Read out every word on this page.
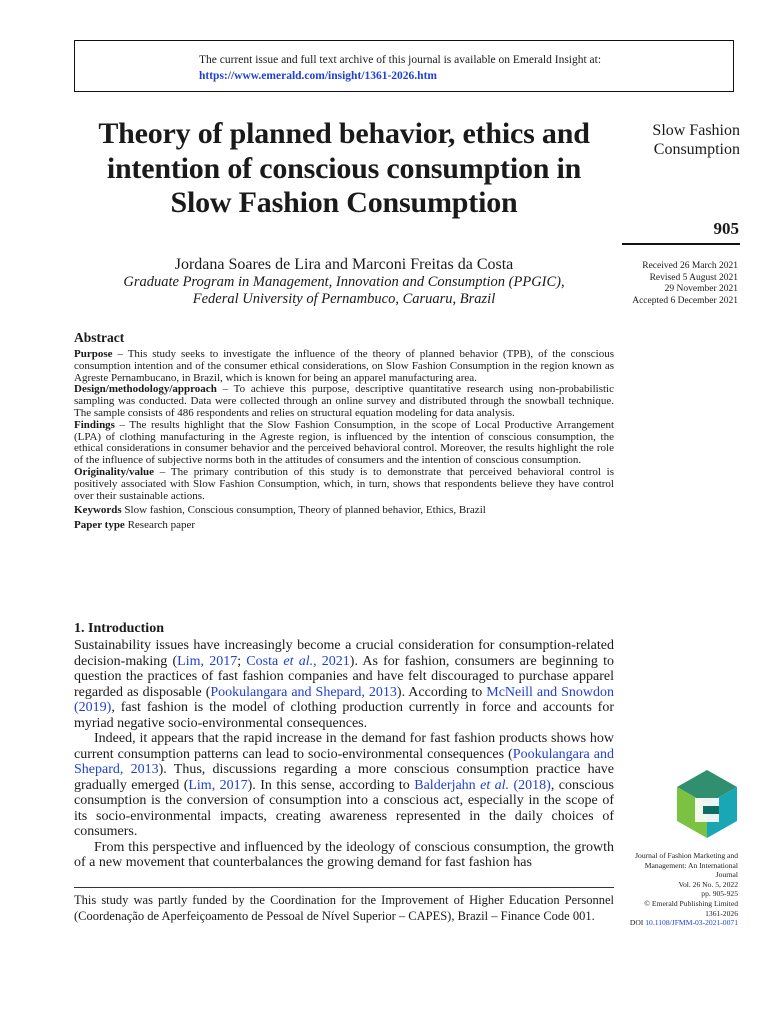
The current issue and full text archive of this journal is available on Emerald Insight at:
https://www.emerald.com/insight/1361-2026.htm
Theory of planned behavior, ethics and intention of conscious consumption in Slow Fashion Consumption
Jordana Soares de Lira and Marconi Freitas da Costa
Graduate Program in Management, Innovation and Consumption (PPGIC),
Federal University of Pernambuco, Caruaru, Brazil
Slow Fashion
Consumption
905
Received 26 March 2021
Revised 5 August 2021
29 November 2021
Accepted 6 December 2021
Abstract

Purpose – This study seeks to investigate the influence of the theory of planned behavior (TPB), of the conscious consumption intention and of the consumer ethical considerations, on Slow Fashion Consumption in the region known as Agreste Pernambucano, in Brazil, which is known for being an apparel manufacturing area.

Design/methodology/approach – To achieve this purpose, descriptive quantitative research using non-probabilistic sampling was conducted. Data were collected through an online survey and distributed through the snowball technique. The sample consists of 486 respondents and relies on structural equation modeling for data analysis.

Findings – The results highlight that the Slow Fashion Consumption, in the scope of Local Productive Arrangement (LPA) of clothing manufacturing in the Agreste region, is influenced by the intention of conscious consumption, the ethical considerations in consumer behavior and the perceived behavioral control. Moreover, the results highlight the role of the influence of subjective norms both in the attitudes of consumers and the intention of conscious consumption.

Originality/value – The primary contribution of this study is to demonstrate that perceived behavioral control is positively associated with Slow Fashion Consumption, which, in turn, shows that respondents believe they have control over their sustainable actions.

Keywords Slow fashion, Conscious consumption, Theory of planned behavior, Ethics, Brazil

Paper type Research paper

1. Introduction

Sustainability issues have increasingly become a crucial consideration for consumption-related decision-making (Lim, 2017; Costa et al., 2021). As for fashion, consumers are beginning to question the practices of fast fashion companies and have felt discouraged to purchase apparel regarded as disposable (Pookulangara and Shepard, 2013). According to McNeill and Snowdon (2019), fast fashion is the model of clothing production currently in force and accounts for myriad negative socio-environmental consequences.

Indeed, it appears that the rapid increase in the demand for fast fashion products shows how current consumption patterns can lead to socio-environmental consequences (Pookulangara and Shepard, 2013). Thus, discussions regarding a more conscious consumption practice have gradually emerged (Lim, 2017). In this sense, according to Balderjahn et al. (2018), conscious consumption is the conversion of consumption into a conscious act, especially in the scope of its socio-environmental impacts, creating awareness represented in the daily choices of consumers.

From this perspective and influenced by the ideology of conscious consumption, the growth of a new movement that counterbalances the growing demand for fast fashion has

This study was partly funded by the Coordination for the Improvement of Higher Education Personnel (Coordenação de Aperfeiçoamento de Pessoal de Nível Superior – CAPES), Brazil – Finance Code 001.
Journal of Fashion Marketing and
Management: An International
Journal
Vol. 26 No. 5, 2022
pp. 905-925
© Emerald Publishing Limited
1361-2026
DOI 10.1108/JFMM-03-2021-0071
